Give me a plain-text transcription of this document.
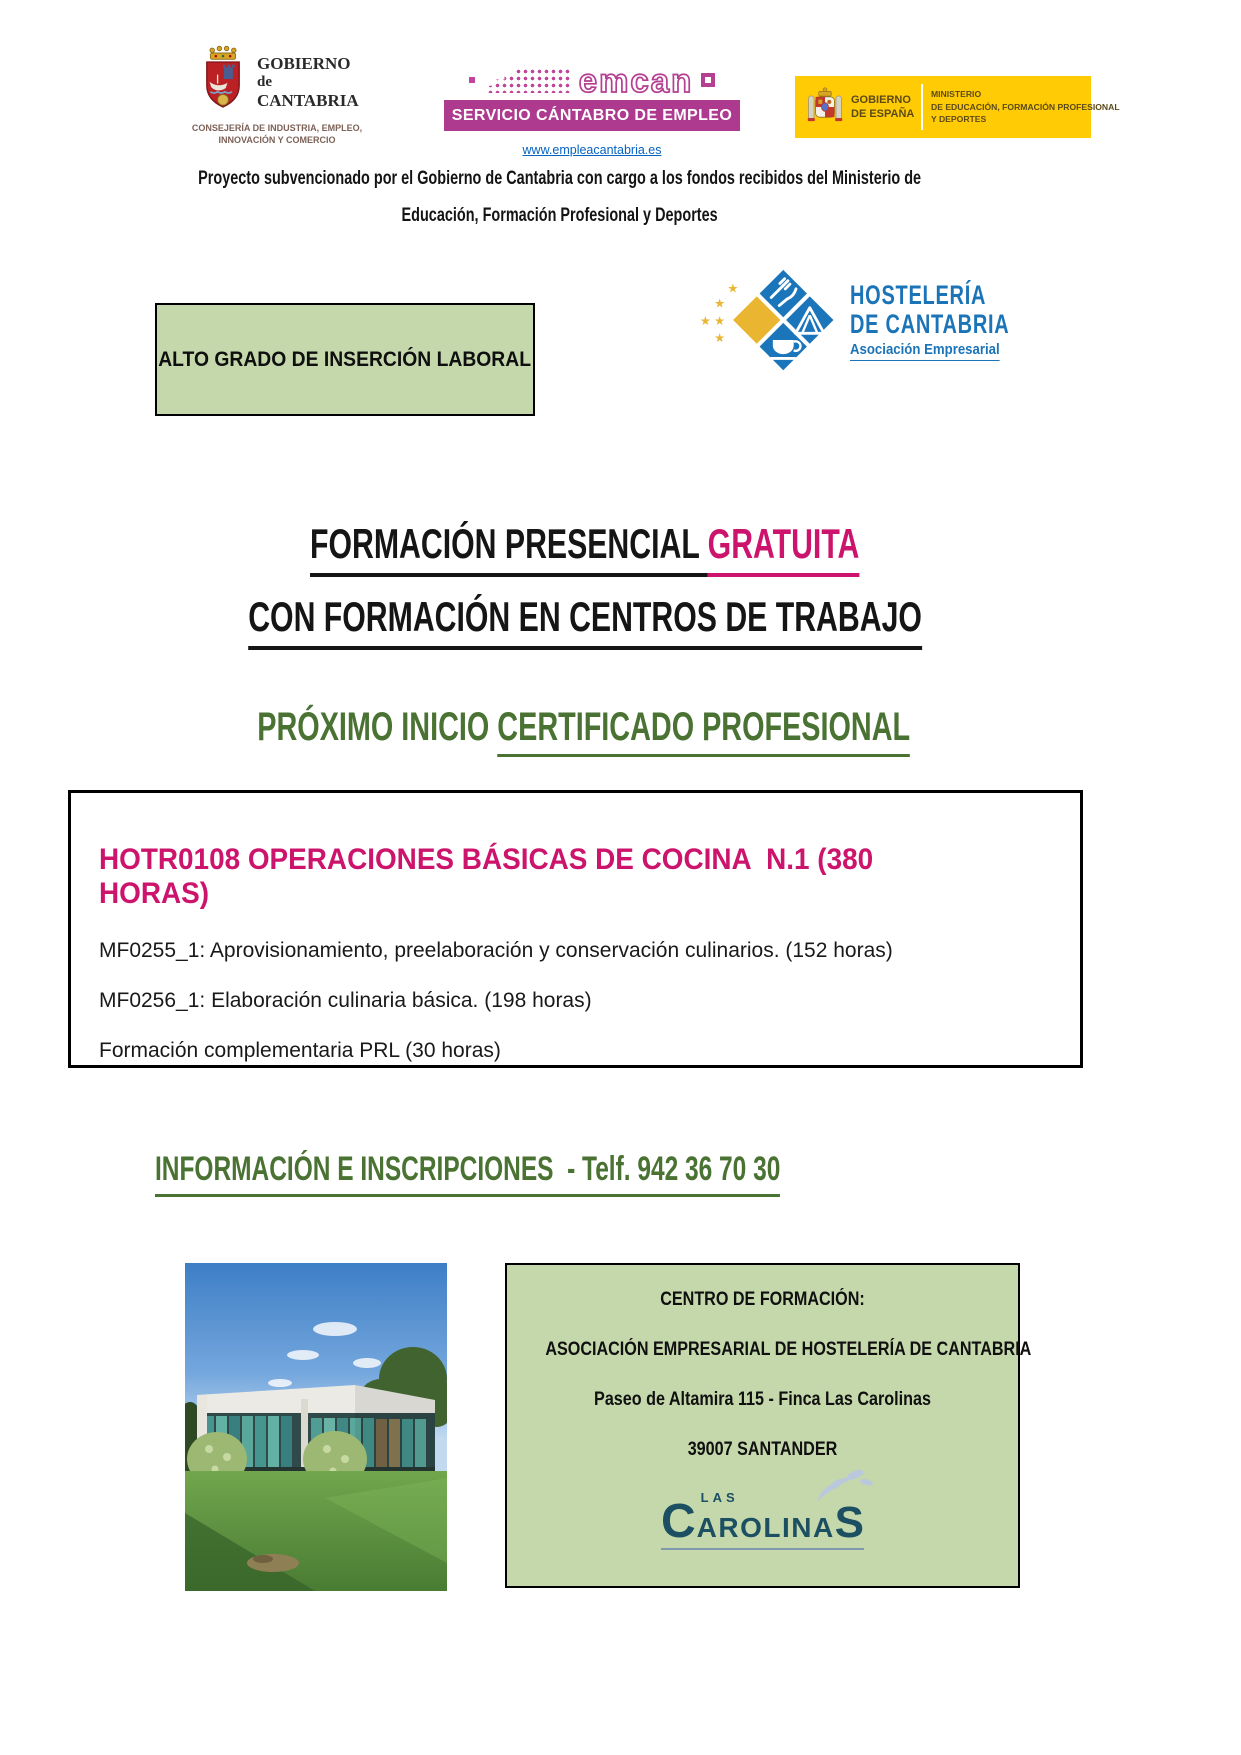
GOBIERNO
de
CANTABRIA
CONSEJERÍA DE INDUSTRIA, EMPLEO,
INNOVACIÓN Y COMERCIO
emcan
SERVICIO CÁNTABRO DE EMPLEO
www.empleacantabria.es
GOBIERNO
DE ESPAÑA
MINISTERIO
DE EDUCACIÓN, FORMACIÓN PROFESIONAL
Y DEPORTES
Proyecto subvencionado por el Gobierno de Cantabria con cargo a los fondos recibidos del Ministerio de
Educación, Formación Profesional y Deportes
ALTO GRADO DE INSERCIÓN LABORAL
★
★
★
★
★	HOSTELERÍA
DE CANTABRIA
Asociación Empresarial

FORMACIÓN PRESENCIAL GRATUITA

CON FORMACIÓN EN CENTROS DE TRABAJO

PRÓXIMO INICIO CERTIFICADO PROFESIONAL

HOTR0108 OPERACIONES BÁSICAS DE COCINA  N.1 (380 HORAS)

MF0255_1: Aprovisionamiento, preelaboración y conservación culinarios. (152 horas)

MF0256_1: Elaboración culinaria básica. (198 horas)

Formación complementaria PRL (30 horas)

INFORMACIÓN E INSCRIPCIONES  - Telf. 942 36 70 30

CENTRO DE FORMACIÓN:

ASOCIACIÓN EMPRESARIAL DE HOSTELERÍA DE CANTABRIA

Paseo de Altamira 115 - Finca Las Carolinas

39007 SANTANDER

C LAS
AROLINAS
